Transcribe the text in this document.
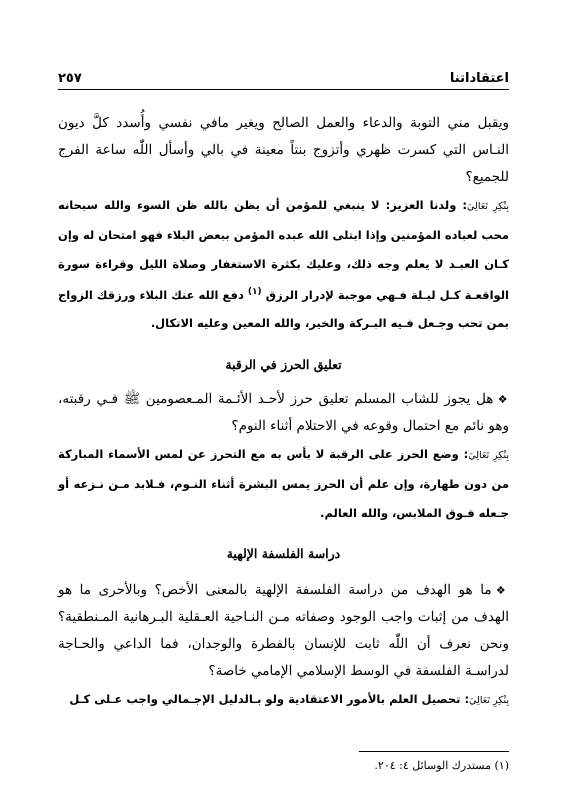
اعتقاداتنا
٢٥٧

ويقبل مني التوبة والدعاء والعمل الصالح ويغير مافي نفسي وأُسدد كلَّ ديون النـاس التي كسرت ظهري وأتزوج بنتاً معينة في بالي وأسأل اللّٰه ساعة الفرج للجميع؟

بِنْكِرِ تَعَالِيَ: ولدنا العزيز: لا ينبغي للمؤمن أن يظن بالله ظن السوء والله سبحانه محب لعباده المؤمنين وإذا ابتلى الله عبده المؤمن ببعض البلاء فهو امتحان له وإن كـان العبـد لا يعلم وجه ذلك، وعليك بكثرة الاستغفار وصلاة الليل وقراءة سورة الواقعـة كـل ليـلة فـهي موجبة لإدرار الرزق $^{(١)}$ دفع الله عنك البلاء ورزقك الزواج بمن تحب وجـعل فـيه البـركة والخير، والله المعين وعليه الاتكال.

تعليق الحرز في الرقبة

❖ هل يجوز للشاب المسلم تعليق حرز لأحـد الأئـمة المـعصومين ﷺ فـي رقبته، وهو نائم مع احتمال وقوعه في الاحتلام أثناء النوم؟

بِنْكِرِ تَعَالِيَ: وضع الحرز على الرقبة لا بأس به مع التحرز عن لمس الأسماء المباركة من دون طهارة، وإن علم أن الحرز يمس البشرة أثناء النـوم، فـلابد مـن نـزعه أو جـعله فـوق الملابس، والله العالم.

دراسة الفلسفة الإلهية

❖ ما هو الهدف من دراسة الفلسفة الإلهية بالمعنى الأخص؟ وبالأحرى ما هو الهدف من إثبات واجب الوجود وصفاته مـن النـاحية العـقلية البـرهانية المـنطقية؟ ونحن نعرف أن اللّٰه ثابت للإنسان بالفطرة والوجدان، فما الداعي والحـاجة لدراسـة الفلسفة في الوسط الإسلامي الإمامي خاصة؟

بِنْكِرِ تَعَالِيَ: تحصيل العلم بالأمور الاعتقادية ولو بـالدليل الإجـمالي واجب عـلى كـل

(١) مستدرك الوسائل ٤: ٢٠٤.
